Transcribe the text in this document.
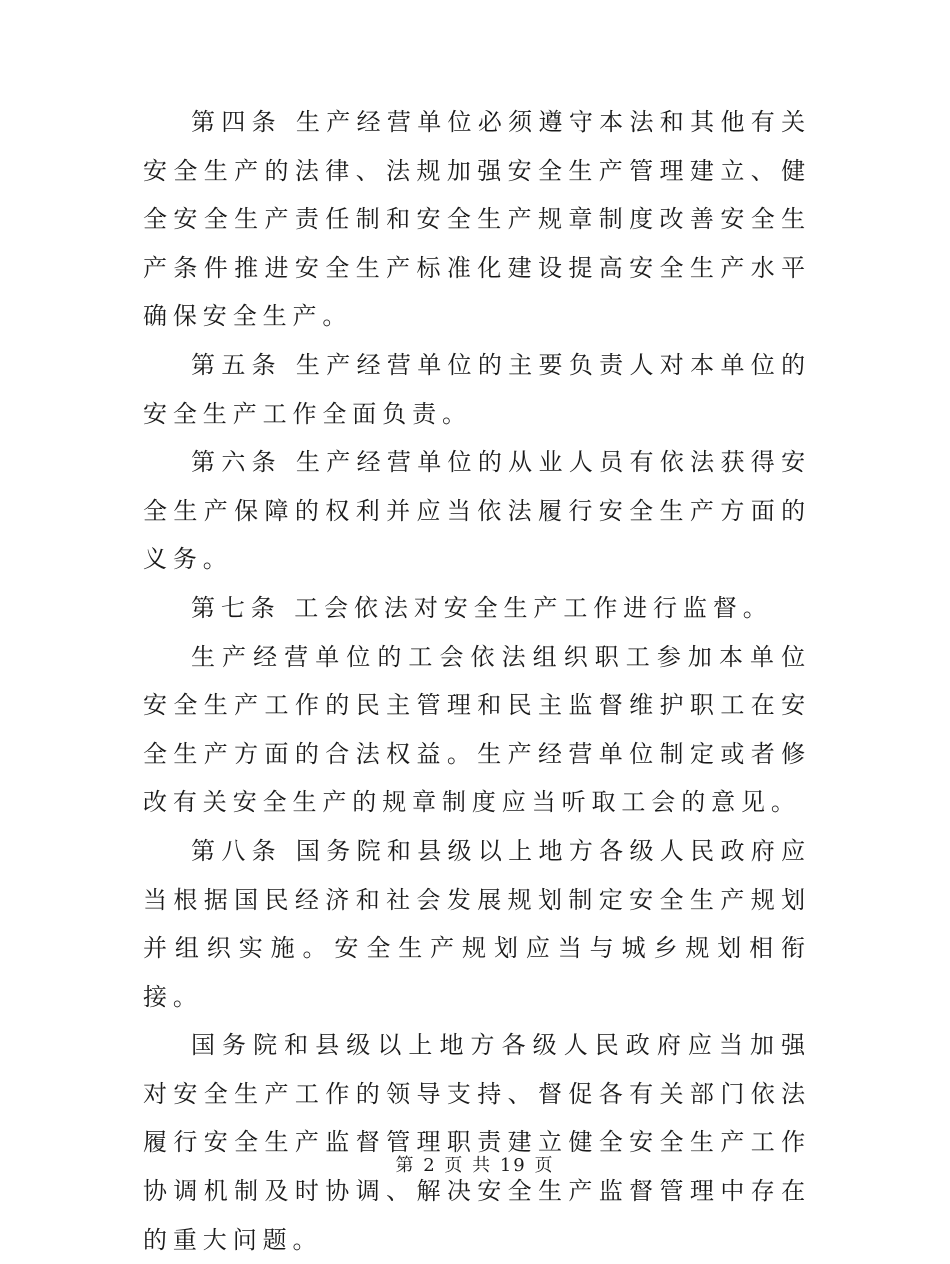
第四条 生产经营单位必须遵守本法和其他有关安全生产的法律、法规加强安全生产管理建立、健全安全生产责任制和安全生产规章制度改善安全生产条件推进安全生产标准化建设提高安全生产水平确保安全生产。

第五条 生产经营单位的主要负责人对本单位的安全生产工作全面负责。

第六条 生产经营单位的从业人员有依法获得安全生产保障的权利并应当依法履行安全生产方面的义务。

第七条 工会依法对安全生产工作进行监督。

生产经营单位的工会依法组织职工参加本单位安全生产工作的民主管理和民主监督维护职工在安全生产方面的合法权益。生产经营单位制定或者修改有关安全生产的规章制度应当听取工会的意见。

第八条 国务院和县级以上地方各级人民政府应当根据国民经济和社会发展规划制定安全生产规划并组织实施。安全生产规划应当与城乡规划相衔接。

国务院和县级以上地方各级人民政府应当加强对安全生产工作的领导支持、督促各有关部门依法履行安全生产监督管理职责建立健全安全生产工作协调机制及时协调、解决安全生产监督管理中存在的重大问题。

第 2 页 共 19 页
